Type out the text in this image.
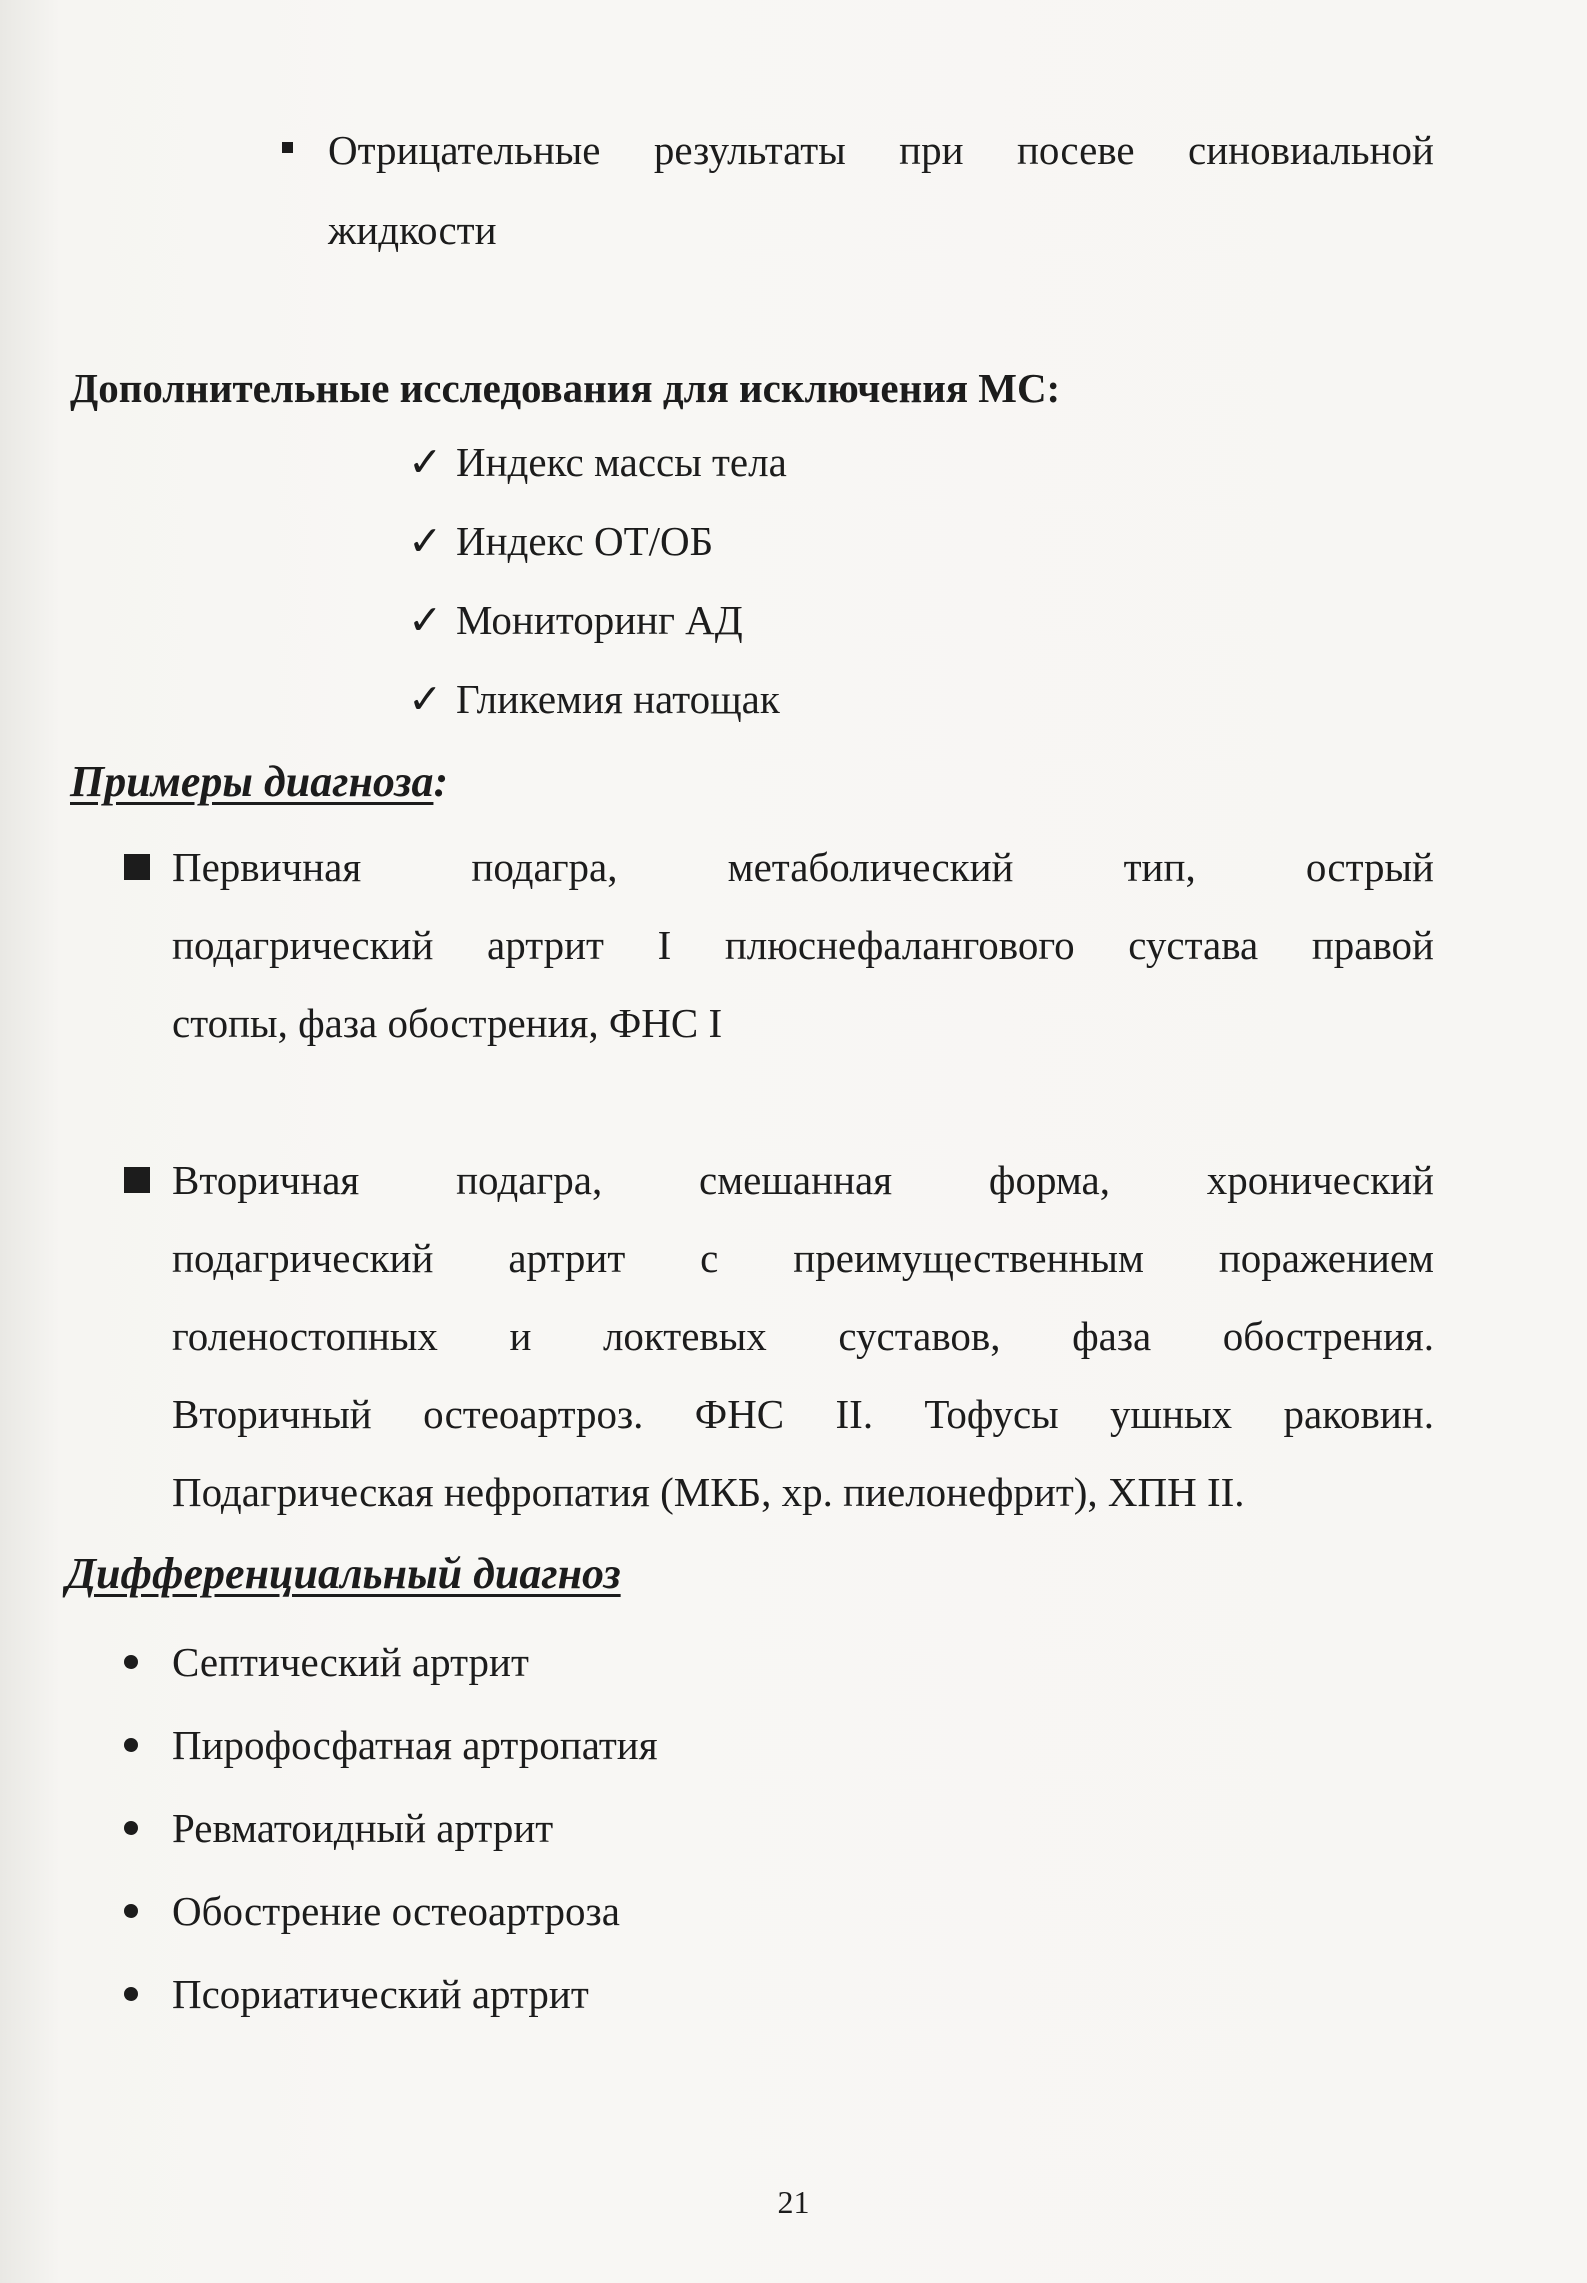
Отрицательные результаты при посеве синовиальной
жидкости
Дополнительные исследования для исключения МС:
✓ Индекс массы тела
✓ Индекс ОТ/ОБ
✓ Мониторинг АД
✓ Гликемия натощак
Примеры диагноза:
Первичная подагра, метаболический тип, острый
подагрический артрит I плюснефалангового сустава правой
стопы, фаза обострения, ФНС I
Вторичная подагра, смешанная форма, хронический
подагрический артрит с преимущественным поражением
голеностопных и локтевых суставов, фаза обострения.
Вторичный остеоартроз. ФНС II. Тофусы ушных раковин.
Подагрическая нефропатия (МКБ, хр. пиелонефрит), ХПН II.
Дифференциальный диагноз
Септический артрит
Пирофосфатная артропатия
Ревматоидный артрит
Обострение остеоартроза
Псориатический артрит
21
